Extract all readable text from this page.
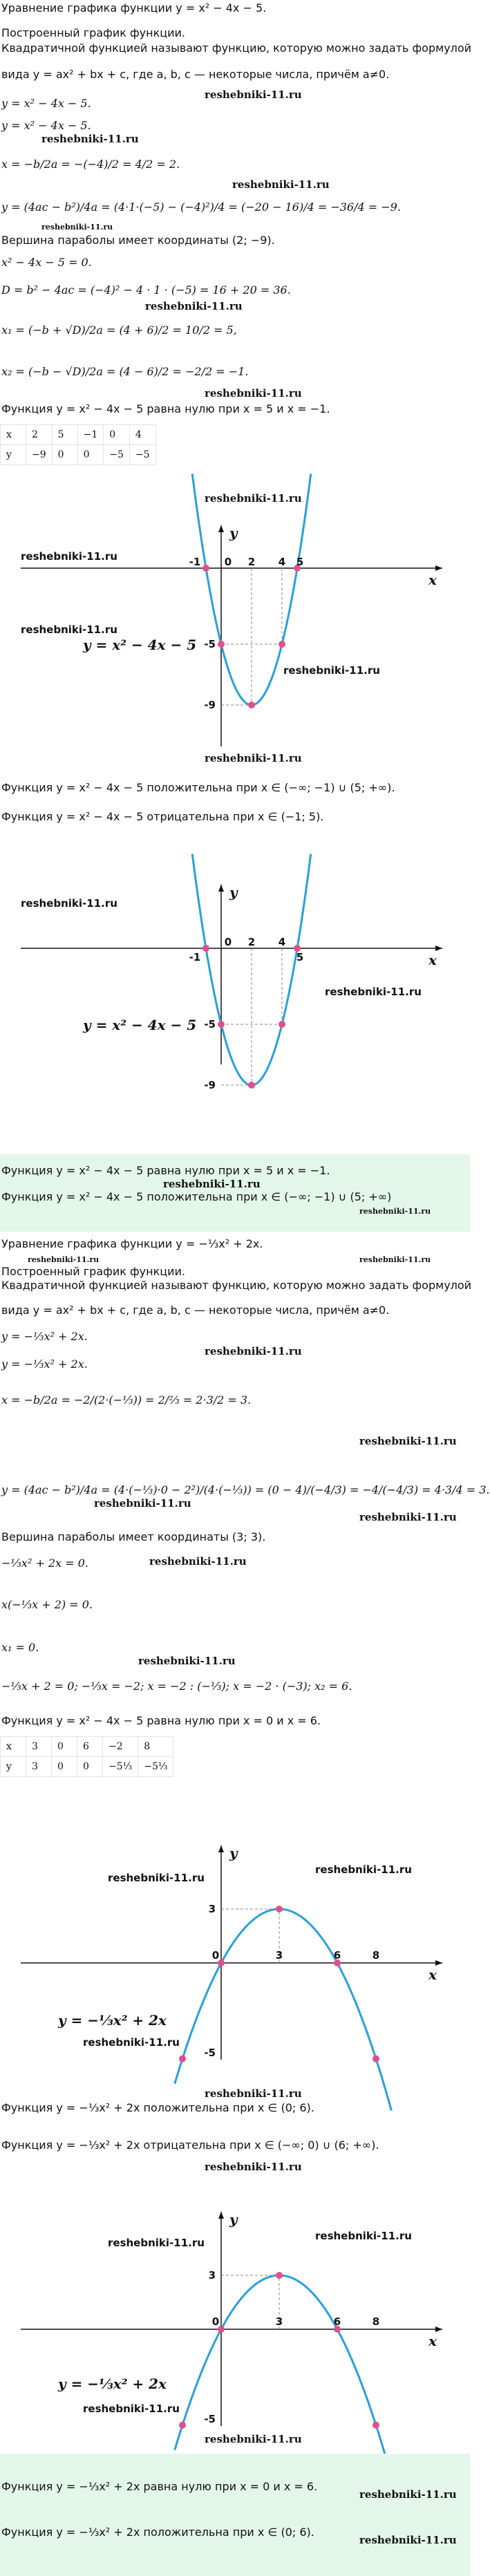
Уравнение графика функции y = x² − 4x − 5.
Построенный график функции.
Квадратичной функцией называют функцию, которую можно задать формулой
вида y = ax² + bx + c, где a, b, c — некоторые числа, причём a≠0.
reshebniki-11.ru
y = x² − 4x − 5.
y = x² − 4x − 5.
reshebniki-11.ru
x = −b/2a = −(−4)/2 = 4/2 = 2.
reshebniki-11.ru
y = (4ac − b²)/4a = (4·1·(−5) − (−4)²)/4 = (−20 − 16)/4 = −36/4 = −9.
reshebniki-11.ru
Вершина параболы имеет координаты (2; −9).
x² − 4x − 5 = 0.
D = b² − 4ac = (−4)² − 4 · 1 · (−5) = 16 + 20 = 36.
reshebniki-11.ru
x₁ = (−b + √D)/2a = (4 + 6)/2 = 10/2 = 5,
x₂ = (−b − √D)/2a = (4 − 6)/2 = −2/2 = −1.
reshebniki-11.ru
Функция y = x² − 4x − 5 равна нулю при x = 5 и x = −1.
x	2	5	−1	0	4
y	−9	0	0	−5	−5
reshebniki-11.ru
x
y
-1 0 2 4 5
-5
-9
y = x² − 4x − 5
reshebniki-11.ru
reshebniki-11.ru
reshebniki-11.ru
reshebniki-11.ru
Функция y = x² − 4x − 5 положительна при x ∈ (−∞; −1) ∪ (5; +∞).
Функция y = x² − 4x − 5 отрицательна при x ∈ (−1; 5).
x
y
-1
0 2 4
5
-5
-9
y = x² − 4x − 5
reshebniki-11.ru
reshebniki-11.ru
Функция y = x² − 4x − 5 равна нулю при x = 5 и x = −1.
Функция y = x² − 4x − 5 положительна при x ∈ (−∞; −1) ∪ (5; +∞)
reshebniki-11.ru
reshebniki-11.ru
Уравнение графика функции y = −⅓x² + 2x.
reshebniki-11.ru	reshebniki-11.ru
Построенный график функции.
Квадратичной функцией называют функцию, которую можно задать формулой
вида y = ax² + bx + c, где a, b, c — некоторые числа, причём a≠0.
y = −⅓x² + 2x.
reshebniki-11.ru
y = −⅓x² + 2x.
x = −b/2a = −2/(2·(−⅓)) = 2/⅔ = 2·3/2 = 3.
reshebniki-11.ru
y = (4ac − b²)/4a = (4·(−⅓)·0 − 2²)/(4·(−⅓)) = (0 − 4)/(−4/3) = −4/(−4/3) = 4·3/4 = 3.
reshebniki-11.ru
reshebniki-11.ru
Вершина параболы имеет координаты (3; 3).
−⅓x² + 2x = 0.	reshebniki-11.ru
x(−⅓x + 2) = 0.
x₁ = 0.
reshebniki-11.ru
−⅓x + 2 = 0; −⅓x = −2; x = −2 : (−⅓); x = −2 · (−3); x₂ = 6.
Функция y = x² − 4x − 5 равна нулю при x = 0 и x = 6.
x	3	0	6	−2	8
y	3	0	0	−5⅓	−5⅓
x
y
0	3	6	8
3
-5
y = −⅓x² + 2x
reshebniki-11.ru
reshebniki-11.ru
reshebniki-11.ru
reshebniki-11.ru
Функция y = −⅓x² + 2x положительна при x ∈ (0; 6).
Функция y = −⅓x² + 2x отрицательна при x ∈ (−∞; 0) ∪ (6; +∞).
reshebniki-11.ru
x
y
0	3	6	8
3
-5
y = −⅓x² + 2x
reshebniki-11.ru
reshebniki-11.ru
reshebniki-11.ru
reshebniki-11.ru
Функция y = −⅓x² + 2x равна нулю при x = 0 и x = 6.
Функция y = −⅓x² + 2x положительна при x ∈ (0; 6).
reshebniki-11.ru
reshebniki-11.ru
